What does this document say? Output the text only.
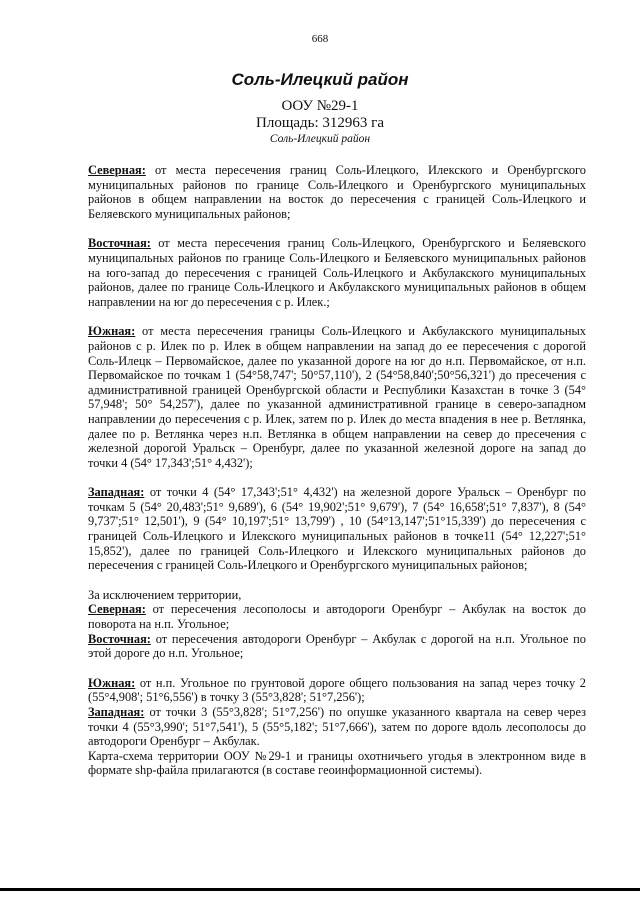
668
Соль-Илецкий район
ООУ №29-1
Площадь: 312963 га
Соль-Илецкий район

Северная: от места пересечения границ Соль-Илецкого, Илекского и Оренбургского муниципальных районов по границе Соль-Илецкого и Оренбургского муниципальных районов в общем направлении на восток до пересечения с границей Соль-Илецкого и Беляевского муниципальных районов;

Восточная: от места пересечения границ Соль-Илецкого, Оренбургского и Беляевского муниципальных районов по границе Соль-Илецкого и Беляевского муниципальных районов на юго-запад до пересечения с границей Соль-Илецкого и Акбулакского муниципальных районов, далее по границе Соль-Илецкого и Акбулакского муниципальных районов в общем направлении на юг до пересечения с р. Илек.;

Южная: от места пересечения границы Соль-Илецкого и Акбулакского муниципальных районов с р. Илек по р. Илек в общем направлении на запад до ее пересечения с дорогой Соль-Илецк – Первомайское, далее по указанной дороге на юг до н.п. Первомайское, от н.п. Первомайское по точкам 1 (54°58,747'; 50°57,110'), 2 (54°58,840';50°56,321') до пресечения с административной границей Оренбургской области и Республики Казахстан в точке 3 (54° 57,948'; 50° 54,257'), далее по указанной административной границе в северо-западном направлении до пересечения с р. Илек, затем по р. Илек до места впадения в нее р. Ветлянка, далее по р. Ветлянка через н.п. Ветлянка в общем направлении на север до пресечения с железной дорогой Уральск – Оренбург, далее по указанной железной дороге на запад до точки 4 (54° 17,343';51° 4,432');

Западная: от точки 4 (54° 17,343';51° 4,432') на железной дороге Уральск – Оренбург по точкам 5 (54° 20,483';51° 9,689'), 6 (54° 19,902';51° 9,679'), 7 (54° 16,658';51° 7,837'), 8 (54° 9,737';51° 12,501'), 9 (54° 10,197';51° 13,799') , 10 (54°13,147';51°15,339') до пересечения с границей Соль-Илецкого и Илекского муниципальных районов в точке11 (54° 12,227';51° 15,852'), далее по границей Соль-Илецкого и Илекского муниципальных районов до пересечения с границей Соль-Илецкого и Оренбургского муниципальных районов;

За исключением территории,

Северная: от пересечения лесополосы и автодороги Оренбург – Акбулак на восток до поворота на н.п. Угольное;

Восточная: от пересечения автодороги Оренбург – Акбулак с дорогой на н.п. Угольное по этой дороге до н.п. Угольное;

Южная: от н.п. Угольное по грунтовой дороге общего пользования на запад через точку 2 (55°4,908'; 51°6,556') в точку 3 (55°3,828'; 51°7,256');

Западная: от точки 3 (55°3,828'; 51°7,256') по опушке указанного квартала на север через точки 4 (55°3,990'; 51°7,541'), 5 (55°5,182'; 51°7,666'), затем по дороге вдоль лесополосы до автодороги Оренбург – Акбулак.

Карта-схема территории ООУ №29-1 и границы охотничьего угодья в электронном виде в формате shp-файла прилагаются (в составе геоинформационной системы).
